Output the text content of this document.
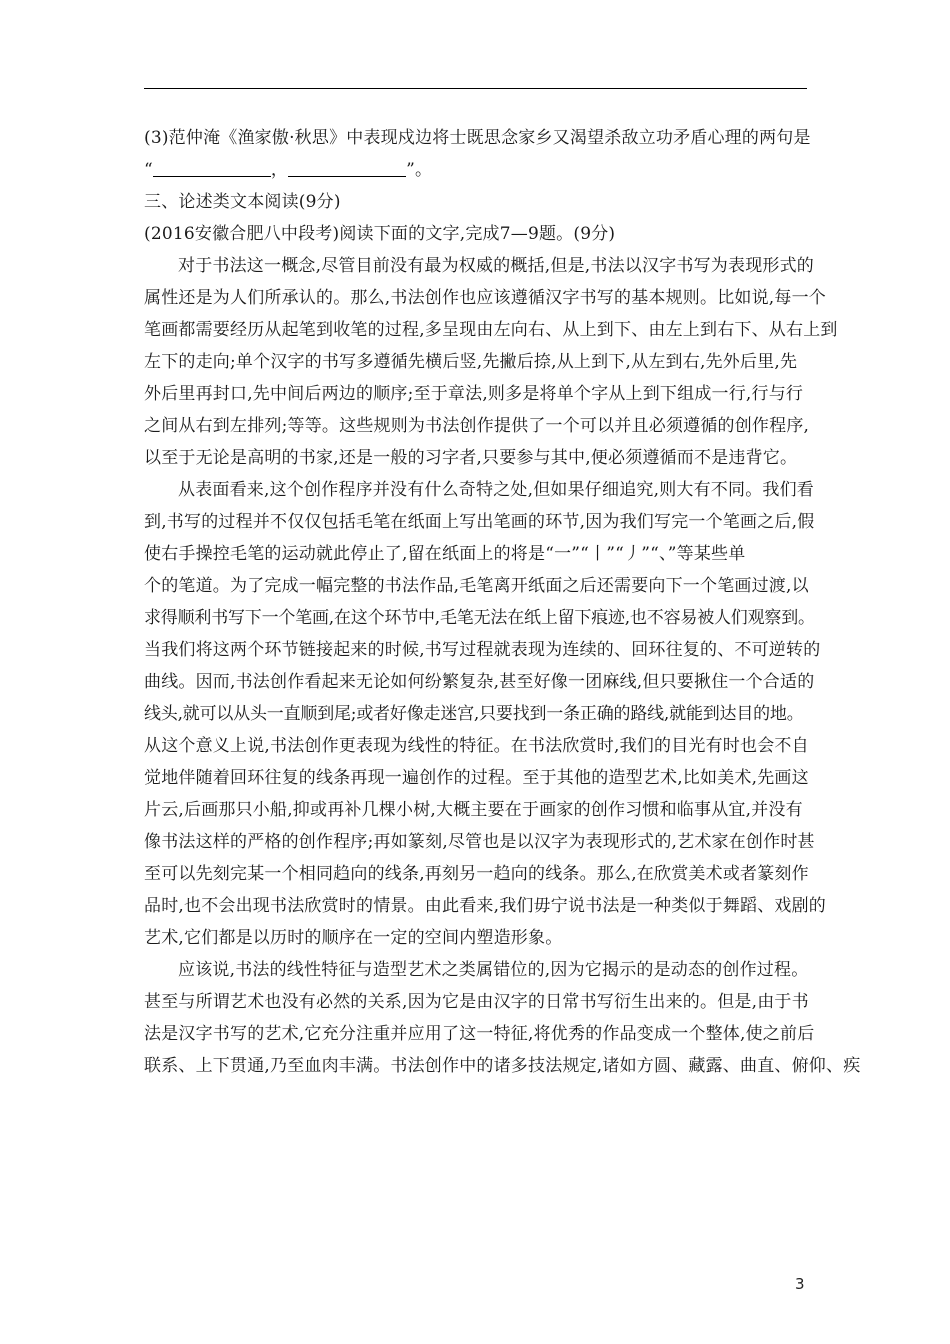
(3)范仲淹《渔家傲·秋思》中表现戍边将士既思念家乡又渴望杀敌立功矛盾心理的两句是
“	，	”。
三、论述类文本阅读(9分)
(2016安徽合肥八中段考)阅读下面的文字,完成7—9题。(9分)
对于书法这一概念,尽管目前没有最为权威的概括,但是,书法以汉字书写为表现形式的
属性还是为人们所承认的。那么,书法创作也应该遵循汉字书写的基本规则。比如说,每一个
笔画都需要经历从起笔到收笔的过程,多呈现由左向右、从上到下、由左上到右下、从右上到
左下的走向;单个汉字的书写多遵循先横后竖,先撇后捺,从上到下,从左到右,先外后里,先
外后里再封口,先中间后两边的顺序;至于章法,则多是将单个字从上到下组成一行,行与行
之间从右到左排列;等等。这些规则为书法创作提供了一个可以并且必须遵循的创作程序,
以至于无论是高明的书家,还是一般的习字者,只要参与其中,便必须遵循而不是违背它。
从表面看来,这个创作程序并没有什么奇特之处,但如果仔细追究,则大有不同。我们看
到,书写的过程并不仅仅包括毛笔在纸面上写出笔画的环节,因为我们写完一个笔画之后,假
使右手操控毛笔的运动就此停止了,留在纸面上的将是“一”“丨”“丿”“、”等某些单
个的笔道。为了完成一幅完整的书法作品,毛笔离开纸面之后还需要向下一个笔画过渡,以
求得顺利书写下一个笔画,在这个环节中,毛笔无法在纸上留下痕迹,也不容易被人们观察到。
当我们将这两个环节链接起来的时候,书写过程就表现为连续的、回环往复的、不可逆转的
曲线。因而,书法创作看起来无论如何纷繁复杂,甚至好像一团麻线,但只要揪住一个合适的
线头,就可以从头一直顺到尾;或者好像走迷宫,只要找到一条正确的路线,就能到达目的地。
从这个意义上说,书法创作更表现为线性的特征。在书法欣赏时,我们的目光有时也会不自
觉地伴随着回环往复的线条再现一遍创作的过程。至于其他的造型艺术,比如美术,先画这
片云,后画那只小船,抑或再补几棵小树,大概主要在于画家的创作习惯和临事从宜,并没有
像书法这样的严格的创作程序;再如篆刻,尽管也是以汉字为表现形式的,艺术家在创作时甚
至可以先刻完某一个相同趋向的线条,再刻另一趋向的线条。那么,在欣赏美术或者篆刻作
品时,也不会出现书法欣赏时的情景。由此看来,我们毋宁说书法是一种类似于舞蹈、戏剧的
艺术,它们都是以历时的顺序在一定的空间内塑造形象。
应该说,书法的线性特征与造型艺术之类属错位的,因为它揭示的是动态的创作过程。
甚至与所谓艺术也没有必然的关系,因为它是由汉字的日常书写衍生出来的。但是,由于书
法是汉字书写的艺术,它充分注重并应用了这一特征,将优秀的作品变成一个整体,使之前后
联系、上下贯通,乃至血肉丰满。书法创作中的诸多技法规定,诸如方圆、藏露、曲直、俯仰、疾
3
